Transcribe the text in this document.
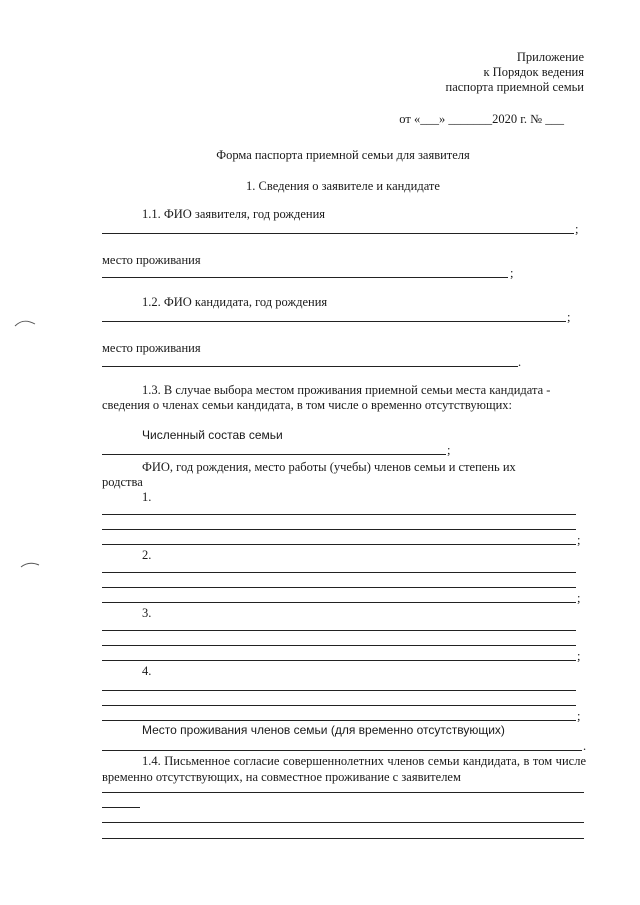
Приложение
к Порядок ведения
паспорта приемной семьи
от «___» _______2020 г. № ___
Форма паспорта приемной семьи для заявителя
1. Сведения о заявителе и кандидате
1.1. ФИО заявителя, год рождения
;
место проживания
;
1.2. ФИО кандидата, год рождения
;
место проживания
.
1.3. В случае выбора местом проживания приемной семьи места кандидата -
сведения о членах семьи кандидата, в том числе о временно отсутствующих:
Численный состав семьи
;
ФИО, год рождения, место работы (учебы) членов семьи и степень их
родства
1.
;
2.
;
3.
;
4.
;
Место проживания членов семьи (для временно отсутствующих)
.
1.4. Письменное согласие совершеннолетних членов семьи кандидата, в том числе временно отсутствующих, на совместное проживание с заявителем
